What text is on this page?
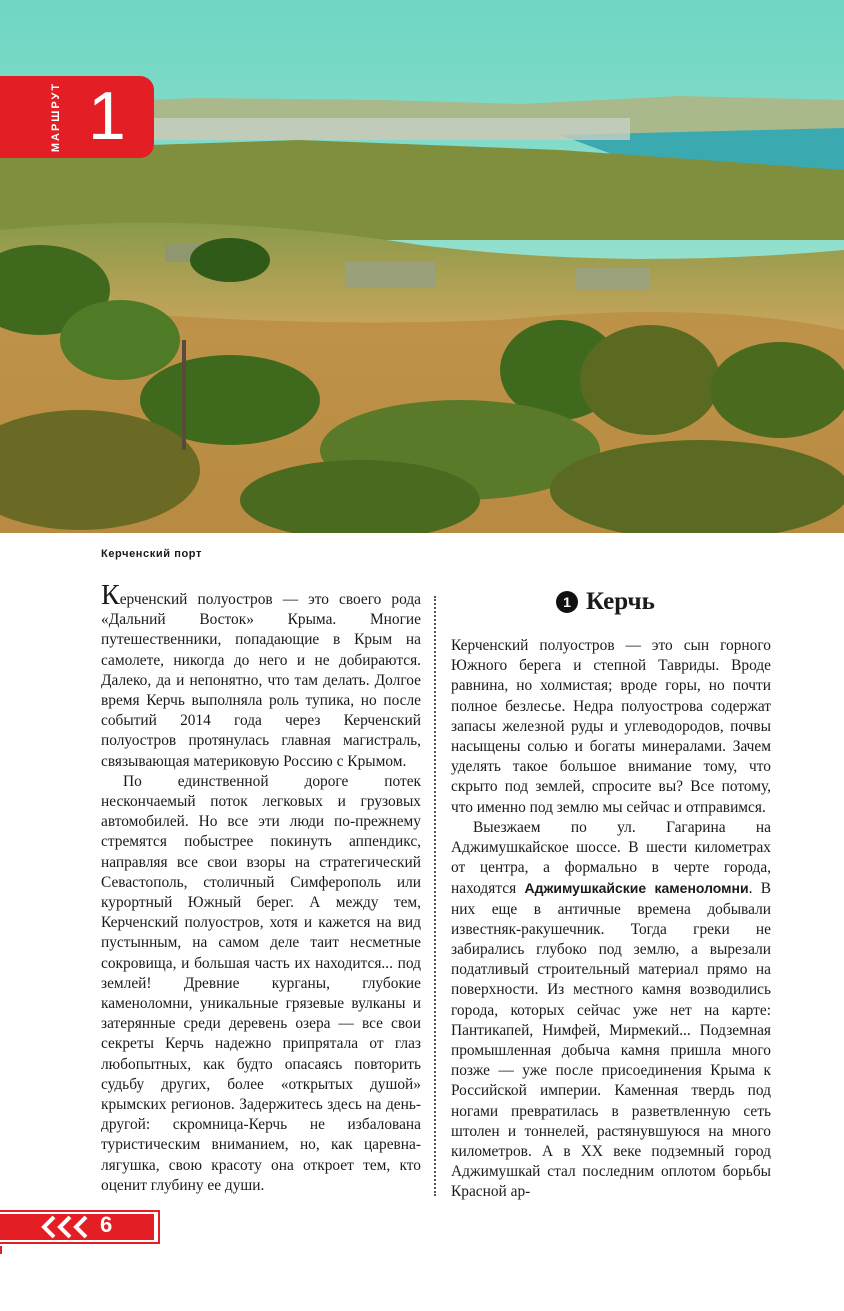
МАРШРУТ 1
Керченский порт

Керченский полуостров — это своего рода «Дальний Восток» Крыма. Многие путешественники, попадающие в Крым на самолете, никогда до него и не добираются. Далеко, да и непонятно, что там делать. Долгое время Керчь выполняла роль тупика, но после событий 2014 года через Керченский полуостров протянулась главная магистраль, связывающая материковую Россию с Крымом.

По единственной дороге потек нескончаемый поток легковых и грузовых автомобилей. Но все эти люди по-прежнему стремятся побыстрее покинуть аппендикс, направляя все свои взоры на стратегический Севастополь, столичный Симферополь или курортный Южный берег. А между тем, Керченский полуостров, хотя и кажется на вид пустынным, на самом деле таит несметные сокровища, и большая часть их находится... под землей! Древние курганы, глубокие каменоломни, уникальные грязевые вулканы и затерянные среди деревень озера — все свои секреты Керчь надежно припрятала от глаз любопытных, как будто опасаясь повторить судьбу других, более «открытых душой» крымских регионов. Задержитесь здесь на день-другой: скромница-Керчь не избалована туристическим вниманием, но, как царевна-лягушка, свою красоту она откроет тем, кто оценит глубину ее души.

1 Керчь

Керченский полуостров — это сын горного Южного берега и степной Тавриды. Вроде равнина, но холмистая; вроде горы, но почти полное безлесье. Недра полуострова содержат запасы железной руды и углеводородов, почвы насыщены солью и богаты минералами. Зачем уделять такое большое внимание тому, что скрыто под землей, спросите вы? Все потому, что именно под землю мы сейчас и отправимся.

Выезжаем по ул. Гагарина на Аджимушкайское шоссе. В шести километрах от центра, а формально в черте города, находятся Аджимушкайские каменоломни. В них еще в античные времена добывали известняк-ракушечник. Тогда греки не забирались глубоко под землю, а вырезали податливый строительный материал прямо на поверхности. Из местного камня возводились города, которых сейчас уже нет на карте: Пантикапей, Нимфей, Мирмекий... Подземная промышленная добыча камня пришла много позже — уже после присоединения Крыма к Российской империи. Каменная твердь под ногами превратилась в разветвленную сеть штолен и тоннелей, растянувшуюся на много километров. А в XX веке подземный город Аджимушкай стал последним оплотом борьбы Красной ар-

6
